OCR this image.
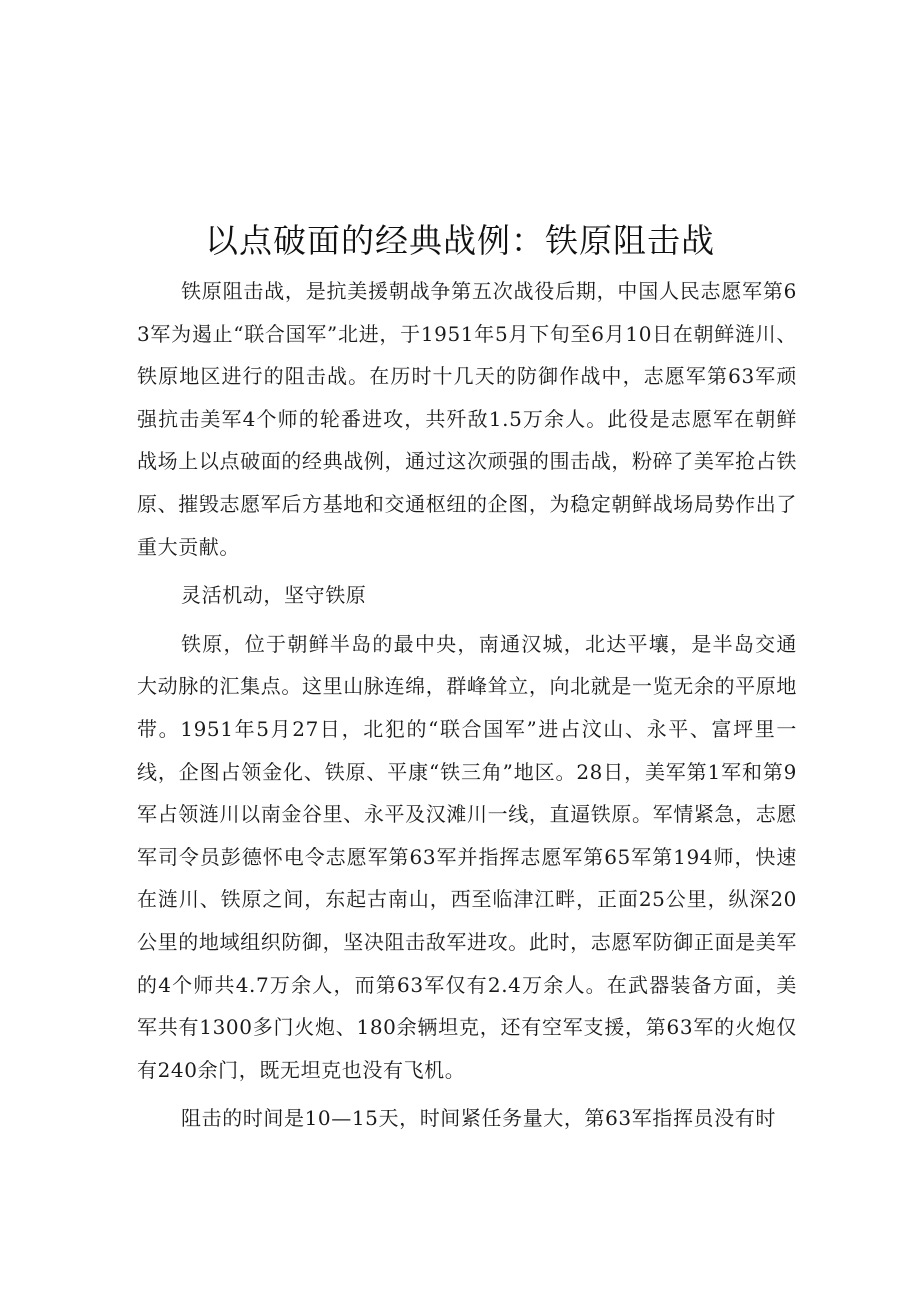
以点破面的经典战例：铁原阻击战

铁原阻击战，是抗美援朝战争第五次战役后期，中国人民志愿军第63军为遏止“联合国军”北进，于1951年5月下旬至6月10日在朝鲜涟川、铁原地区进行的阻击战。在历时十几天的防御作战中，志愿军第63军顽强抗击美军4个师的轮番进攻，共歼敌1.5万余人。此役是志愿军在朝鲜战场上以点破面的经典战例，通过这次顽强的围击战，粉碎了美军抢占铁原、摧毁志愿军后方基地和交通枢纽的企图，为稳定朝鲜战场局势作出了重大贡献。

灵活机动，坚守铁原

铁原，位于朝鲜半岛的最中央，南通汉城，北达平壤，是半岛交通大动脉的汇集点。这里山脉连绵，群峰耸立，向北就是一览无余的平原地带。1951年5月27日，北犯的“联合国军”进占汶山、永平、富坪里一线，企图占领金化、铁原、平康“铁三角”地区。28日，美军第1军和第9军占领涟川以南金谷里、永平及汉滩川一线，直逼铁原。军情紧急，志愿军司令员彭德怀电令志愿军第63军并指挥志愿军第65军第194师，快速在涟川、铁原之间，东起古南山，西至临津江畔，正面25公里，纵深20公里的地域组织防御，坚决阻击敌军进攻。此时，志愿军防御正面是美军的4个师共4.7万余人，而第63军仅有2.4万余人。在武器装备方面，美军共有1300多门火炮、180余辆坦克，还有空军支援，第63军的火炮仅有240余门，既无坦克也没有飞机。

阻击的时间是10—15天，时间紧任务量大，第63军指挥员没有时
